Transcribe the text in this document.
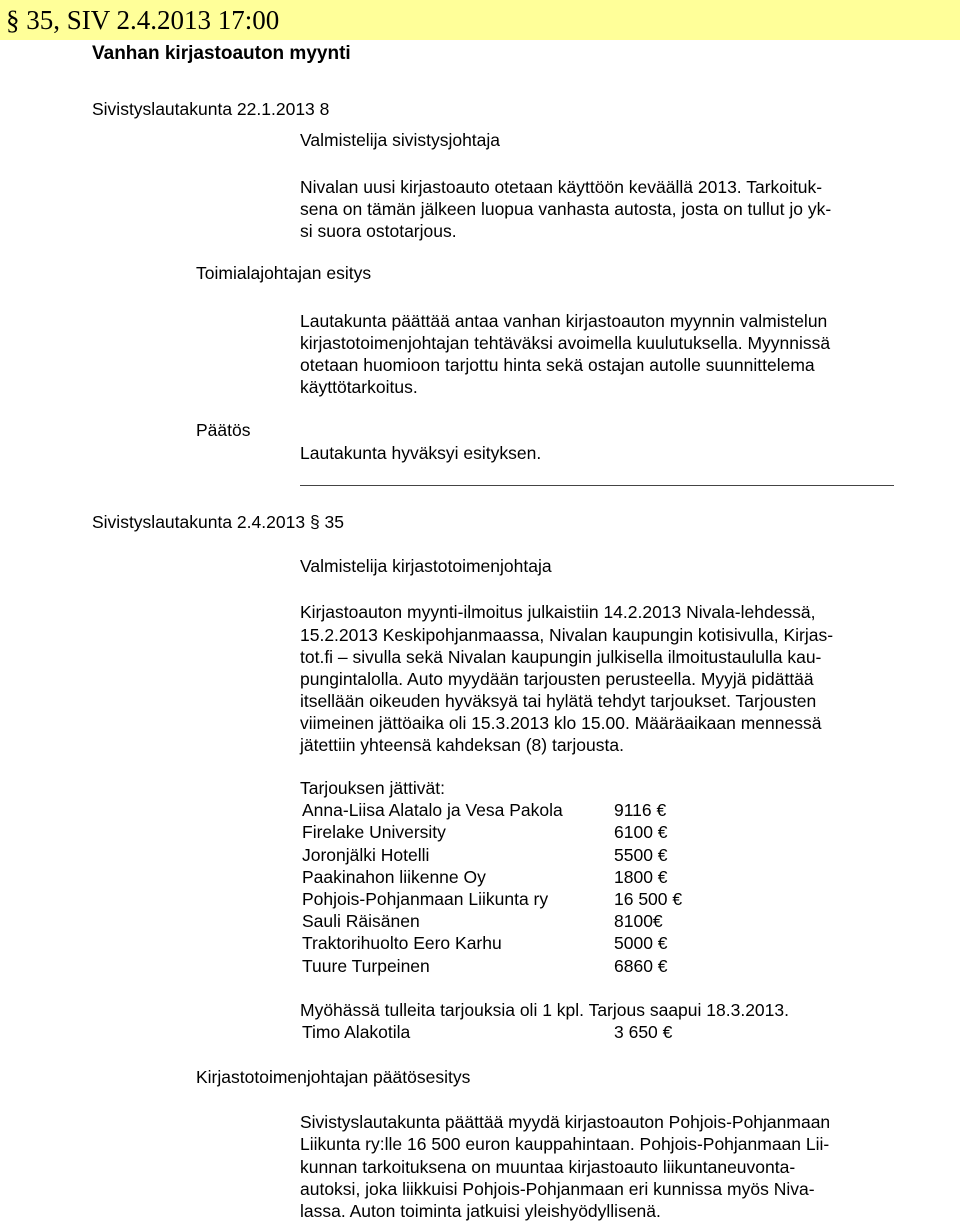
§ 35, SIV 2.4.2013 17:00
Vanhan kirjastoauton myynti
Sivistyslautakunta 22.1.2013 8
Valmistelija sivistysjohtaja
Nivalan uusi kirjastoauto otetaan käyttöön keväällä 2013. Tarkoituk-
sena on tämän jälkeen luopua vanhasta autosta, josta on tullut jo yk-
si suora ostotarjous.
Toimialajohtajan esitys
Lautakunta päättää antaa vanhan kirjastoauton myynnin valmistelun
kirjastotoimenjohtajan tehtäväksi avoimella kuulutuksella. Myynnissä
otetaan huomioon tarjottu hinta sekä ostajan autolle suunnittelema
käyttötarkoitus.
Päätös
Lautakunta hyväksyi esityksen.
Sivistyslautakunta 2.4.2013 § 35
Valmistelija kirjastotoimenjohtaja
Kirjastoauton myynti-ilmoitus julkaistiin 14.2.2013 Nivala-lehdessä,
15.2.2013 Keskipohjanmaassa, Nivalan kaupungin kotisivulla, Kirjas-
tot.fi – sivulla sekä Nivalan kaupungin julkisella ilmoitustaululla kau-
pungintalolla. Auto myydään tarjousten perusteella. Myyjä pidättää
itsellään oikeuden hyväksyä tai hylätä tehdyt tarjoukset. Tarjousten
viimeinen jättöaika oli 15.3.2013 klo 15.00. Määräaikaan mennessä
jätettiin yhteensä kahdeksan (8) tarjousta.
Tarjouksen jättivät:
Anna-Liisa Alatalo ja Vesa Pakola	9116 €
Firelake University	6100 €
Joronjälki Hotelli	5500 €
Paakinahon liikenne Oy	1800 €
Pohjois-Pohjanmaan Liikunta ry	16 500 €
Sauli Räisänen	8100€
Traktorihuolto Eero Karhu	5000 €
Tuure Turpeinen	6860 €
Myöhässä tulleita tarjouksia oli 1 kpl. Tarjous saapui 18.3.2013.
Timo Alakotila	3 650 €
Kirjastotoimenjohtajan päätösesitys
Sivistyslautakunta päättää myydä kirjastoauton Pohjois-Pohjanmaan
Liikunta ry:lle 16 500 euron kauppahintaan. Pohjois-Pohjanmaan Lii-
kunnan tarkoituksena on muuntaa kirjastoauto liikuntaneuvonta-
autoksi, joka liikkuisi Pohjois-Pohjanmaan eri kunnissa myös Niva-
lassa. Auton toiminta jatkuisi yleishyödyllisenä.
